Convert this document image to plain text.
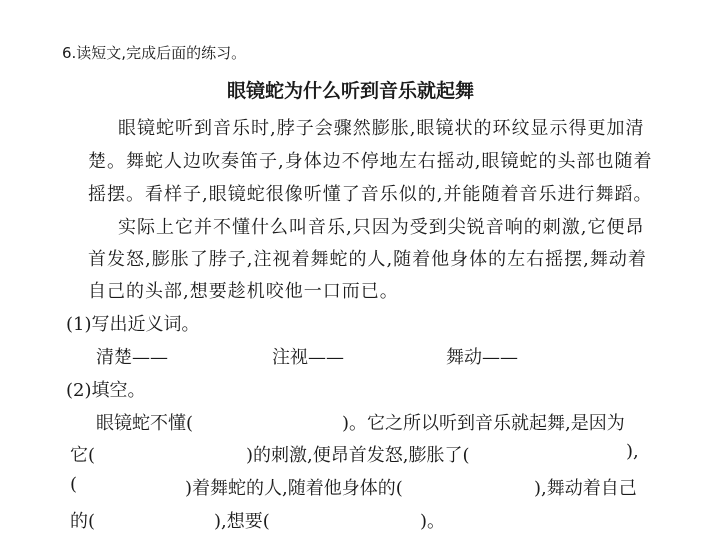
6.读短文,完成后面的练习。
眼镜蛇为什么听到音乐就起舞
眼镜蛇听到音乐时,脖子会骤然膨胀,眼镜状的环纹显示得更加清
楚。舞蛇人边吹奏笛子,身体边不停地左右摇动,眼镜蛇的头部也随着
摇摆。看样子,眼镜蛇很像听懂了音乐似的,并能随着音乐进行舞蹈。
实际上它并不懂什么叫音乐,只因为受到尖锐音响的刺激,它便昂
首发怒,膨胀了脖子,注视着舞蛇的人,随着他身体的左右摇摆,舞动着
自己的头部,想要趁机咬他一口而已。
(1)写出近义词。
清楚——	注视——	舞动——
(2)填空。
眼镜蛇不懂(	)。它之所以听到音乐就起舞,是因为
它(	)的刺激,便昂首发怒,膨胀了(	),
(	)着舞蛇的人,随着他身体的(	),舞动着自己
的(	),想要(	)。
